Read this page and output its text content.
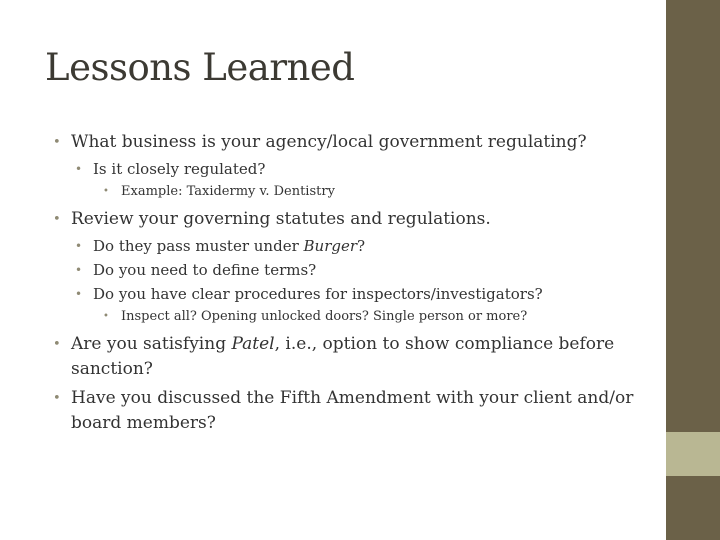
Lessons Learned
• What business is your agency/local government regulating?
• Is it closely regulated?
• Example: Taxidermy v. Dentistry
• Review your governing statutes and regulations.
• Do they pass muster under Burger?
• Do you need to define terms?
• Do you have clear procedures for inspectors/investigators?
• Inspect all? Opening unlocked doors? Single person or more?
• Are you satisfying Patel, i.e., option to show compliance before sanction?
• Have you discussed the Fifth Amendment with your client and/or board members?
